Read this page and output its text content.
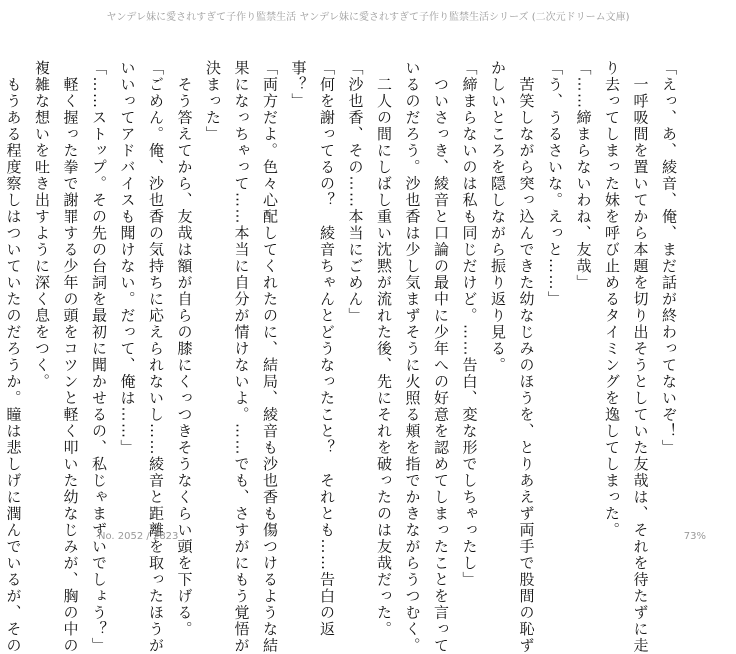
ヤンデレ妹に愛されすぎて子作り監禁生活 ヤンデレ妹に愛されすぎて子作り監禁生活シリーズ (二次元ドリーム文庫)
「えっ、あ、綾音、俺、まだ話が終わってないぞ！」
　一呼吸間を置いてから本題を切り出そうとしていた友哉は、それを待たずに走
り去ってしまった妹を呼び止めるタイミングを逸してしまった。
「……締まらないわね、友哉」
「う、うるさいな。えっと……」
　苦笑しながら突っ込んできた幼なじみのほうを、とりあえず両手で股間の恥ず
かしいところを隠しながら振り返り見る。
「締まらないのは私も同じだけど。……告白、変な形でしちゃったし」
　ついさっき、綾音と口論の最中に少年への好意を認めてしまったことを言って
いるのだろう。沙也香は少し気まずそうに火照る頬を指でかきながらうつむく。
　二人の間にしばし重い沈黙が流れた後、先にそれを破ったのは友哉だった。
「沙也香、その……本当にごめん」
「何を謝ってるの？　綾音ちゃんとどうなったこと？　それとも……告白の返
事？」
「両方だよ。色々心配してくれたのに、結局、綾音も沙也香も傷つけるような結
果になっちゃって……本当に自分が情けないよ。……でも、さすがにもう覚悟が
決まった」
　そう答えてから、友哉は額が自らの膝にくっつきそうなくらい頭を下げる。
「ごめん。俺、沙也香の気持ちに応えられないし……綾音と距離を取ったほうが
いいってアドバイスも聞けない。だって、俺は……」
「……ストップ。その先の台詞を最初に聞かせるの、私じゃまずいでしょう？」
　軽く握った拳で謝罪する少年の頭をコツンと軽く叩いた幼なじみが、胸の中の
複雑な想いを吐き出すように深く息をつく。
　もうある程度察しはついていたのだろうか。瞳は悲しげに潤んでいるが、その	No. 2052 / 2823	73%
